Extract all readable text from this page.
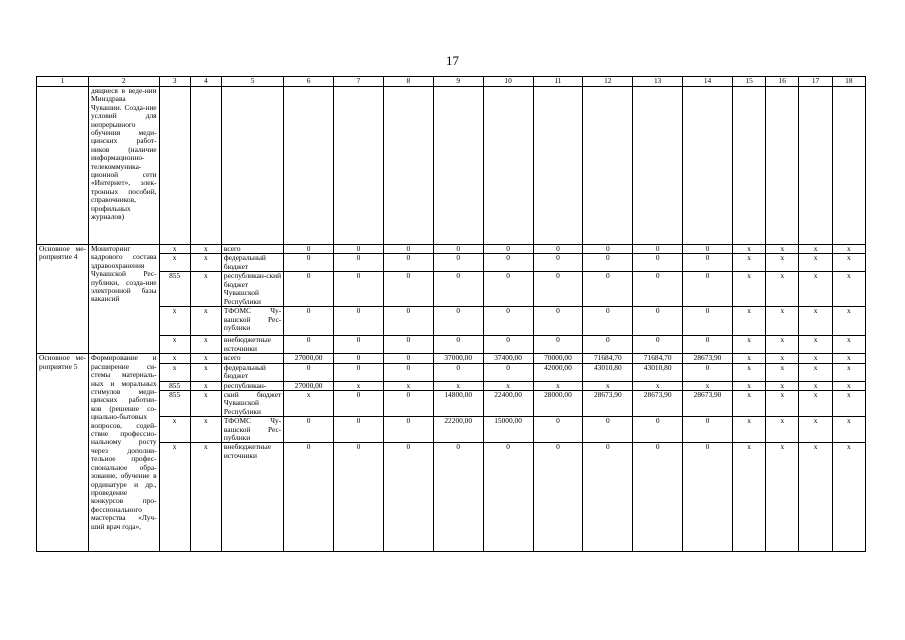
17
1	2	3	4	5	6	7	8	9	10	11	12	13	14	15	16	17	18
	дящиеся в веде-нии Минздрава Чувашии. Созда-ние условий для непрерывного обучения меди-цинских работ-ников (наличие информационно-телекоммуника-ционной сети «Интернет», элек-тронных пособий, справочников, профильных журналов)																
Основное ме-роприятие 4	Мониторинг кадрового состава здравоохранения Чувашской Рес-публики, созда-ние электронной базы вакансий	x	x	всего	0	0	0	0	0	0	0	0	0	x	x	x	x
		x	x	федеральный бюджет	0	0	0	0	0	0	0	0	0	x	x	x	x
		855	x	республикан-ский бюджет Чувашской Республики	0	0	0	0	0	0	0	0	0	x	x	x	x
		x	x	ТФОМС Чу-вашской Рес-публики	0	0	0	0	0	0	0	0	0	x	x	x	x
		x	x	внебюджетные источники	0	0	0	0	0	0	0	0	0	x	x	x	x
Основное ме-роприятие 5	Формирование и расширение си-стемы материаль-ных и моральных стимулов меди-цинских работни-ков (решение со-циально-бытовых вопросов, содей-ствие профессио-нальному росту через дополни-тельное профес-сиональное обра-зование, обучение в ординатуре и др., проведение конкурсов про-фессионального мастерства «Луч-ший врач года»,	x	x	всего	27000,00	0	0	37000,00	37400,00	70000,00	71684,70	71684,70	28673,90	x	x	x	x
		x	x	федеральный бюджет	0	0	0	0	0	42000,00	43010,80	43010,80	0	x	x	x	x
		855	x	республикан-	27000,00	x	x	x	x	x	x	x	x	x	x	x	x
		855	x	ский бюджет Чувашской Республики	x	0	0	14800,00	22400,00	28000,00	28673,90	28673,90	28673,90	x	x	x	x
		x	x	ТФОМС Чу-вашской Рес-публики	0	0	0	22200,00	15000,00	0	0	0	0	x	x	x	x
		x	x	внебюджетные источники	0	0	0	0	0	0	0	0	0	x	x	x	x
